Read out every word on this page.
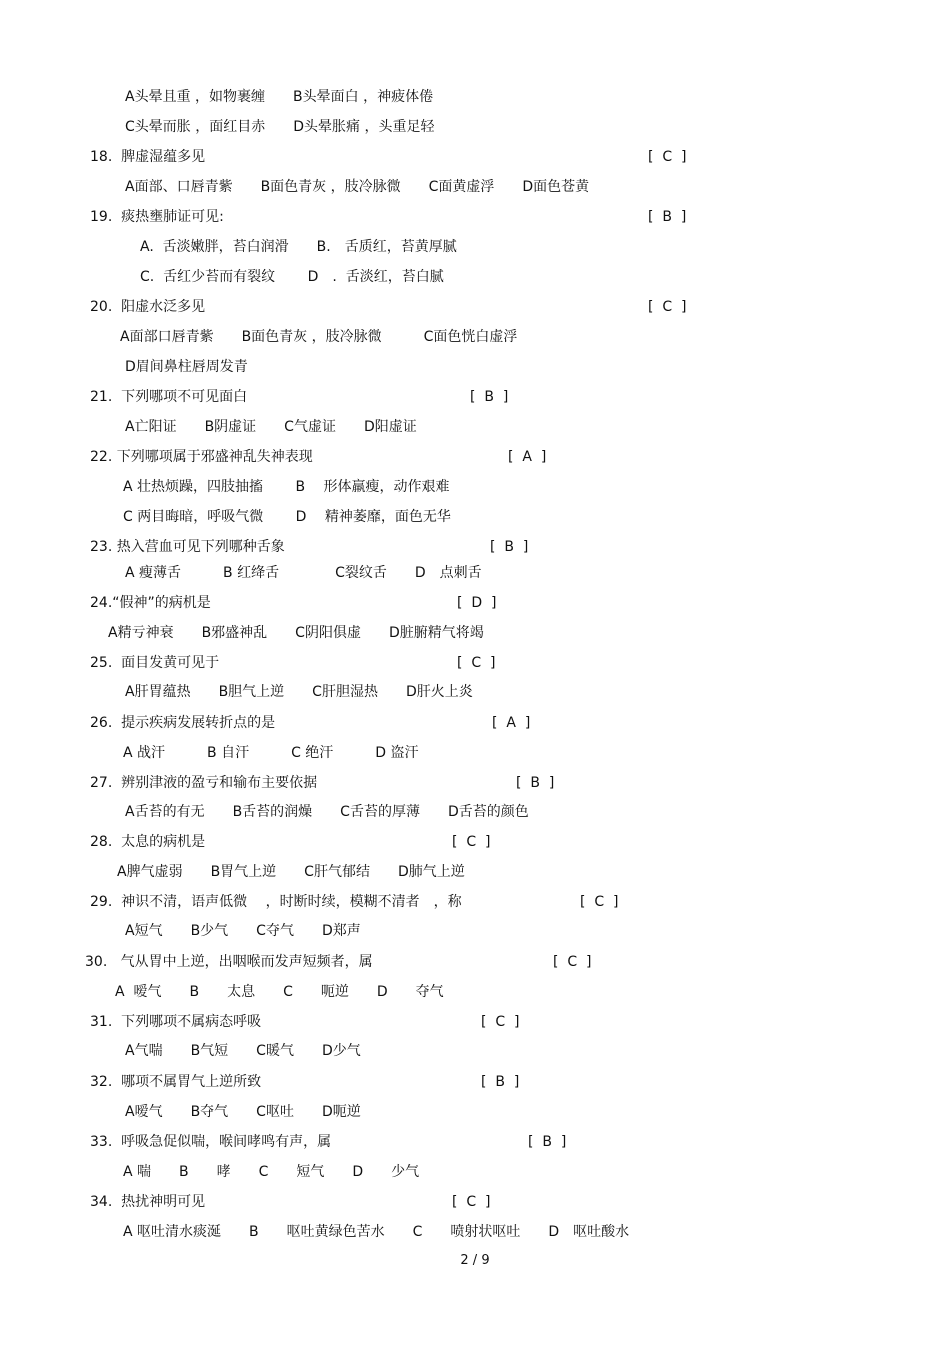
A头晕且重 ，如物裹缠　　B头晕面白 ，神疲体倦
C头晕而胀 ，面红目赤　　D头晕胀痛 ，头重足轻
18.  脾虚湿蕴多见	[  C  ]
A面部、口唇青紫　　B面色青灰 ，肢冷脉微　　C面黄虚浮　　D面色苍黄
19.  痰热壅肺证可见:	[  B  ]
A.  舌淡嫩胖，苔白润滑　　B.　舌质红，苔黄厚腻
C.  舌红少苔而有裂纹　　 D　.  舌淡红，苔白腻
20.  阳虚水泛多见	[  C  ]
A面部口唇青紫　　B面色青灰 ，肢冷脉微　　　C面色恍白虚浮
D眉间鼻柱唇周发青
21.  下列哪项不可见面白	[  B  ]
A亡阳证　　B阴虚证　　C气虚证　　D阳虚证
22. 下列哪项属于邪盛神乱失神表现	[  A  ]
A 壮热烦躁，四肢抽搐　　 B　 形体羸瘦，动作艰难
C 两目晦暗，呼吸气微　　 D　 精神萎靡，面色无华
23. 热入营血可见下列哪种舌象	[  B  ]
A 瘦薄舌　　　B 红绛舌　　　　C裂纹舌　　D　点刺舌
24.“假神”的病机是	[  D  ]
A精亏神衰　　B邪盛神乱　　C阴阳俱虚　　D脏腑精气将竭
25.  面目发黄可见于	[  C  ]
A肝胃蕴热　　B胆气上逆　　C肝胆湿热　　D肝火上炎
26.  提示疾病发展转折点的是	[  A  ]
A 战汗　　　B 自汗　　　C 绝汗　　　D 盗汗
27.  辨别津液的盈亏和输布主要依据	[  B  ]
A舌苔的有无　　B舌苔的润燥　　C舌苔的厚薄　　D舌苔的颜色
28.  太息的病机是	[  C  ]
A脾气虚弱　　B胃气上逆　　C肝气郁结　　D肺气上逆
29.  神识不清，语声低微　 ，时断时续，模糊不清者　，称	[  C  ]
A短气　　B少气　　C夺气　　D郑声
30.   气从胃中上逆，出咽喉而发声短频者，属	[  C  ]
A  嗳气　　B　　太息　　C　　呃逆　　D　　夺气
31.  下列哪项不属病态呼吸	[  C  ]
A气喘　　B气短　　C暖气　　D少气
32.  哪项不属胃气上逆所致	[  B  ]
A嗳气　　B夺气　　C呕吐　　D呃逆
33.  呼吸急促似喘，喉间哮鸣有声，属	[  B  ]
A 喘　　B　　哮　　C　　短气　　D　　少气
34.  热扰神明可见	[  C  ]
A 呕吐清水痰涎　　B　　呕吐黄绿色苦水　　C　　喷射状呕吐　　D　呕吐酸水
2 / 9
